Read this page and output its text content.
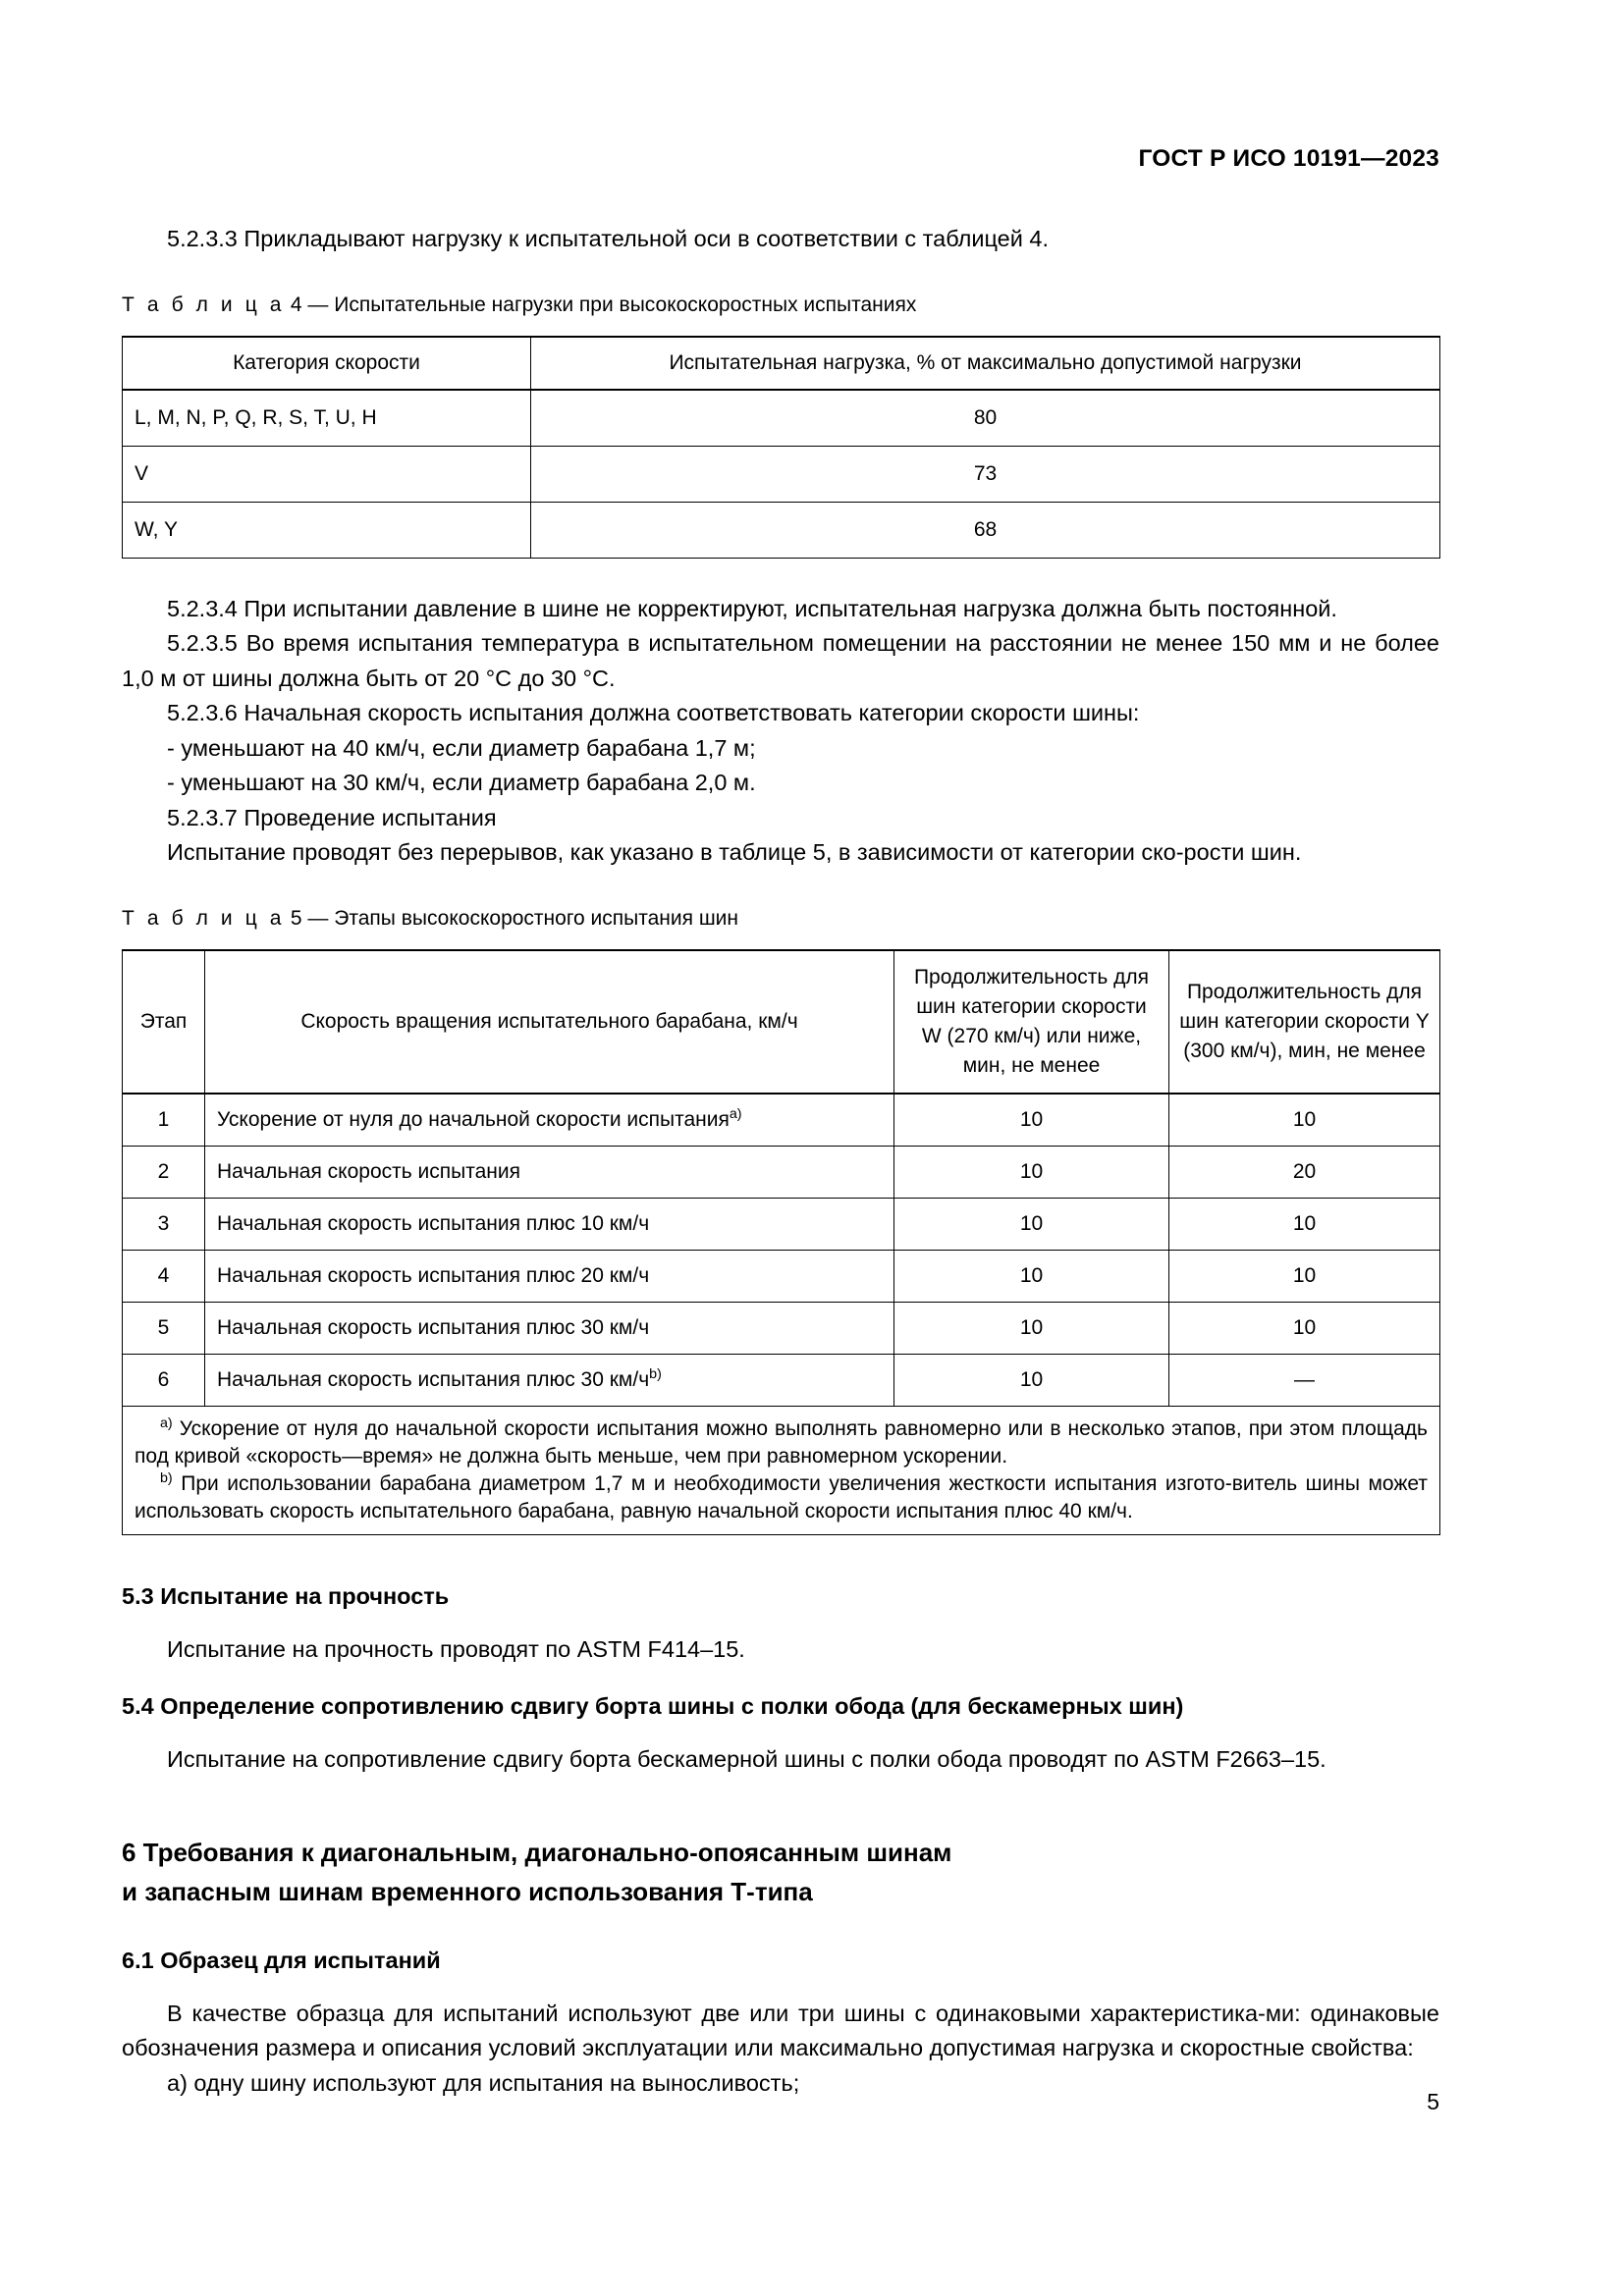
ГОСТ Р ИСО 10191—2023

5.2.3.3 Прикладывают нагрузку к испытательной оси в соответствии с таблицей 4.

Т а б л и ц а 4 — Испытательные нагрузки при высокоскоростных испытаниях

Категория скорости	Испытательная нагрузка, % от максимально допустимой нагрузки

L, M, N, P, Q, R, S, T, U, H	80

V	73

W, Y	68

5.2.3.4 При испытании давление в шине не корректируют, испытательная нагрузка должна быть постоянной.

5.2.3.5 Во время испытания температура в испытательном помещении на расстоянии не менее 150 мм и не более 1,0 м от шины должна быть от 20 °С до 30 °С.

5.2.3.6 Начальная скорость испытания должна соответствовать категории скорости шины:

- уменьшают на 40 км/ч, если диаметр барабана 1,7 м;

- уменьшают на 30 км/ч, если диаметр барабана 2,0 м.

5.2.3.7 Проведение испытания

Испытание проводят без перерывов, как указано в таблице 5, в зависимости от категории ско-рости шин.

Т а б л и ц а 5 — Этапы высокоскоростного испытания шин

Этап	Скорость вращения испытательного барабана, км/ч	Продолжительность для шин категории скорости W (270 км/ч) или ниже, мин, не менее	Продолжительность для шин категории скорости Y (300 км/ч), мин, не менее

1	Ускорение от нуля до начальной скорости испытания$^{a)}$	10	10

2	Начальная скорость испытания	10	20

3	Начальная скорость испытания плюс 10 км/ч	10	10

4	Начальная скорость испытания плюс 20 км/ч	10	10

5	Начальная скорость испытания плюс 30 км/ч	10	10

6	Начальная скорость испытания плюс 30 км/ч$^{b)}$	10	—

$^{a)}$ Ускорение от нуля до начальной скорости испытания можно выполнять равномерно или в несколько этапов, при этом площадь под кривой «скорость—время» не должна быть меньше, чем при равномерном ускорении.

$^{b)}$ При использовании барабана диаметром 1,7 м и необходимости увеличения жесткости испытания изгото-витель шины может использовать скорость испытательного барабана, равную начальной скорости испытания плюс 40 км/ч.			

5.3 Испытание на прочность

Испытание на прочность проводят по ASTM F414–15.

5.4 Определение сопротивлению сдвигу борта шины с полки обода (для бескамерных шин)

Испытание на сопротивление сдвигу борта бескамерной шины с полки обода проводят по ASTM F2663–15.

6 Требования к диагональным, диагонально-опоясанным шинам

и запасным шинам временного использования Т-типа

6.1 Образец для испытаний

В качестве образца для испытаний используют две или три шины с одинаковыми характеристика-ми: одинаковые обозначения размера и описания условий эксплуатации или максимально допустимая нагрузка и скоростные свойства:

а) одну шину используют для испытания на выносливость;

5
